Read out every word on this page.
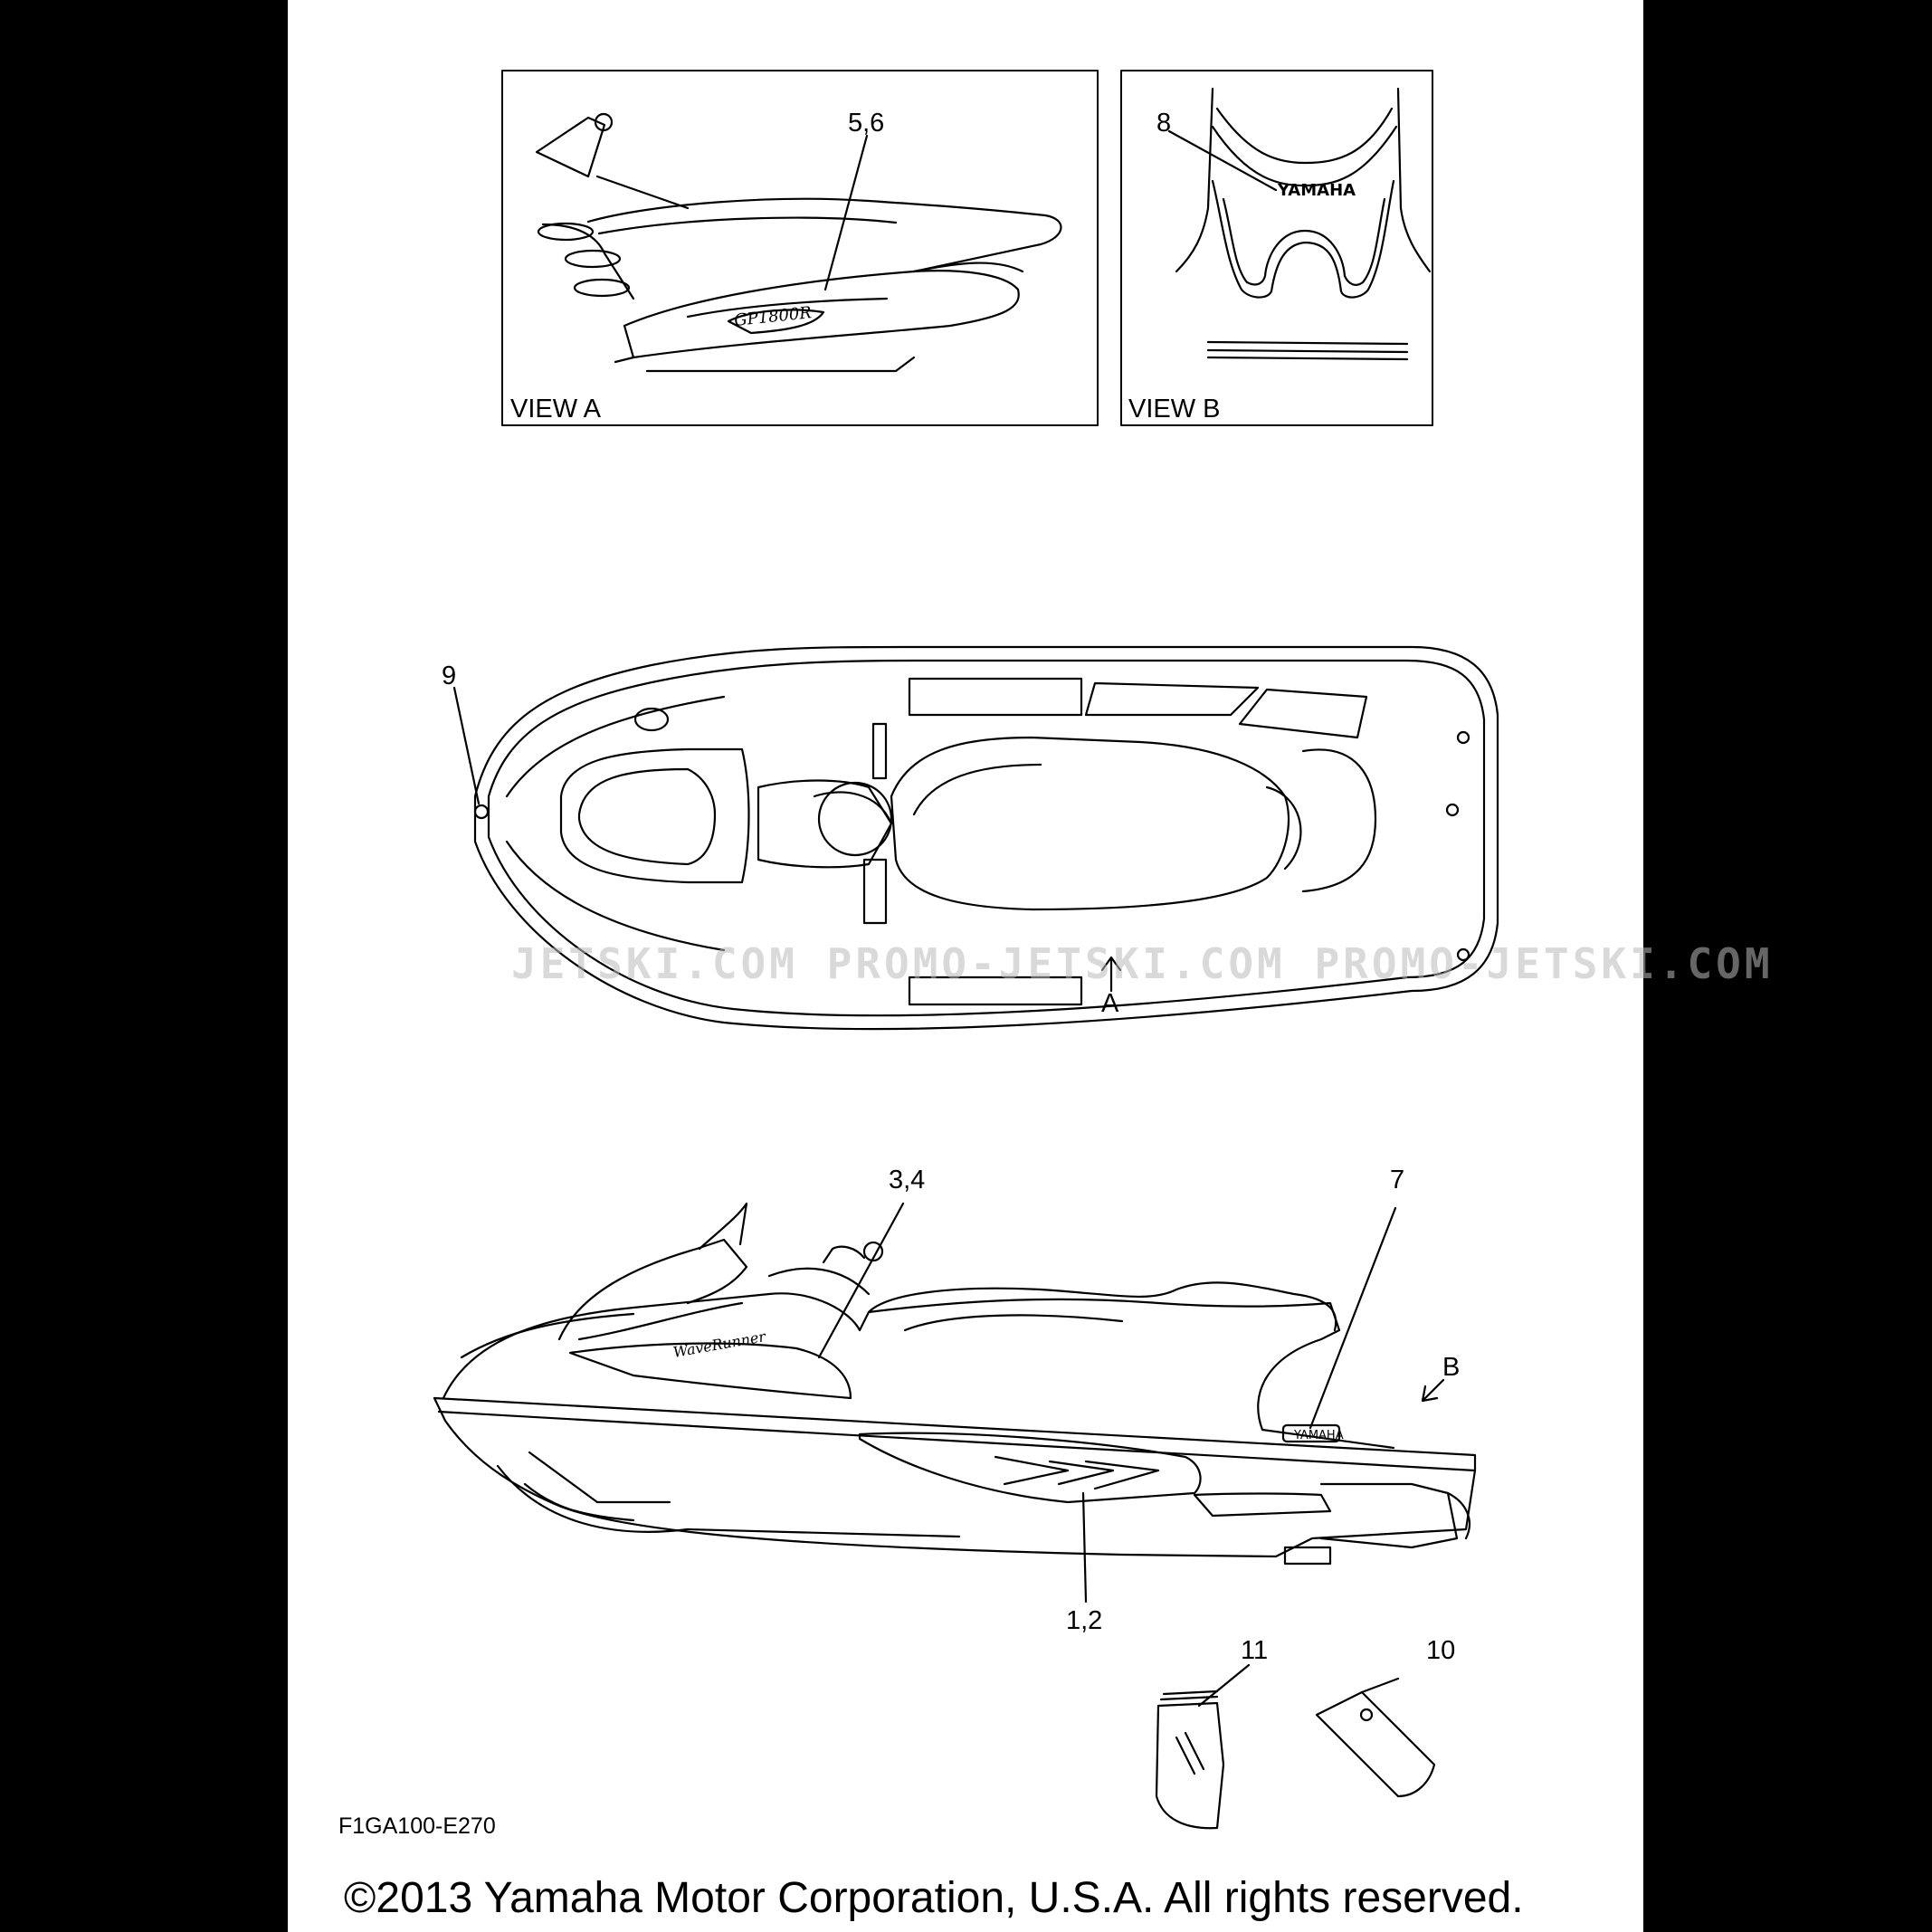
GP1800R
YAMAHA
WaveRunner
YAMAHA
JETSKI.COM PROMO-JETSKI.COM PROMO-JETSKI.COM
5,6	8
VIEW A	VIEW B
9
A
3,4	7
B
1,2
11	10
F1GA100-E270
©2013 Yamaha Motor Corporation, U.S.A. All rights reserved.
